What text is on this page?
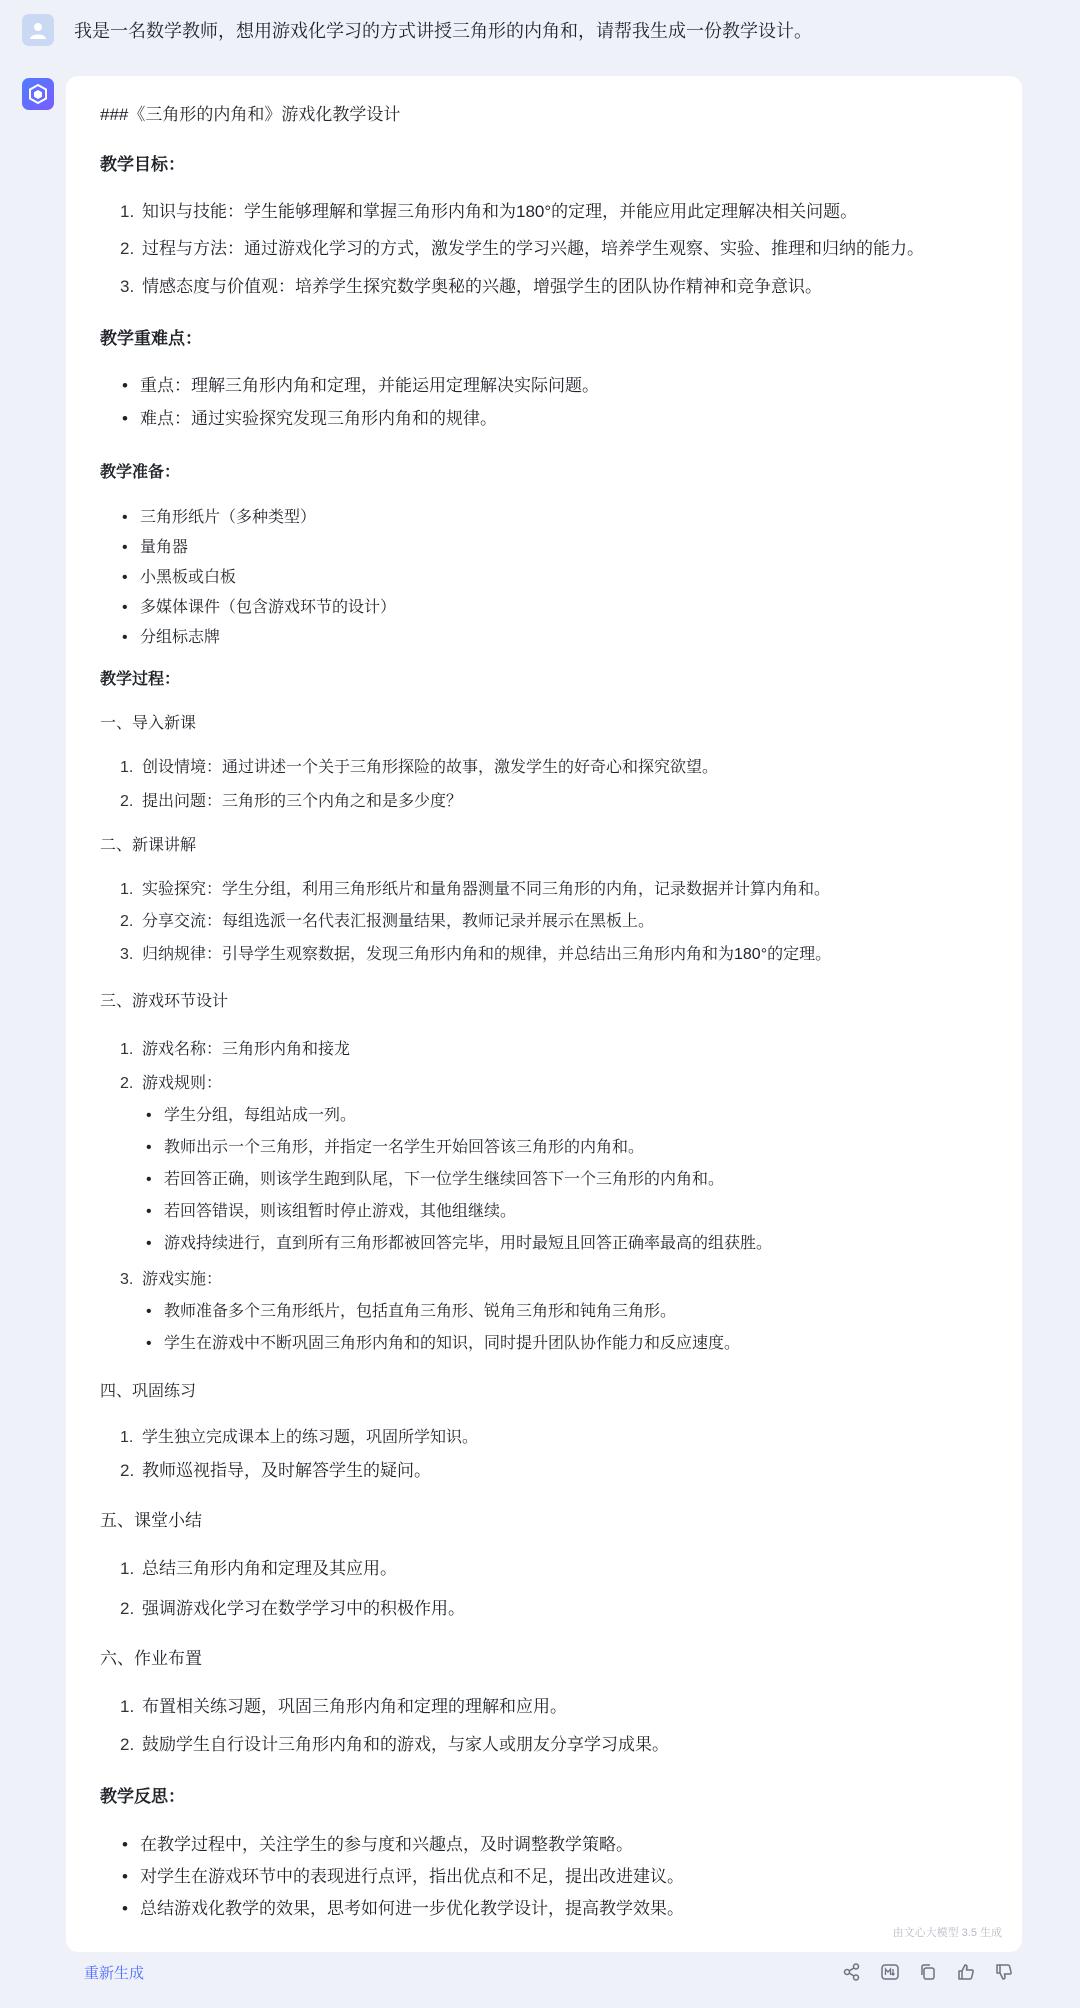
我是一名数学教师，想用游戏化学习的方式讲授三角形的内角和，请帮我生成一份教学设计。
###《三角形的内角和》游戏化教学设计
教学目标：
1. 知识与技能：学生能够理解和掌握三角形内角和为180°的定理，并能应用此定理解决相关问题。
2. 过程与方法：通过游戏化学习的方式，激发学生的学习兴趣，培养学生观察、实验、推理和归纳的能力。
3. 情感态度与价值观：培养学生探究数学奥秘的兴趣，增强学生的团队协作精神和竞争意识。
教学重难点：
• 重点：理解三角形内角和定理，并能运用定理解决实际问题。
• 难点：通过实验探究发现三角形内角和的规律。
教学准备：
• 三角形纸片（多种类型）
• 量角器
• 小黑板或白板
• 多媒体课件（包含游戏环节的设计）
• 分组标志牌
教学过程：
一、导入新课
1. 创设情境：通过讲述一个关于三角形探险的故事，激发学生的好奇心和探究欲望。
2. 提出问题：三角形的三个内角之和是多少度？
二、新课讲解
1. 实验探究：学生分组，利用三角形纸片和量角器测量不同三角形的内角，记录数据并计算内角和。
2. 分享交流：每组选派一名代表汇报测量结果，教师记录并展示在黑板上。
3. 归纳规律：引导学生观察数据，发现三角形内角和的规律，并总结出三角形内角和为180°的定理。
三、游戏环节设计
1. 游戏名称：三角形内角和接龙
2. 游戏规则：
• 学生分组，每组站成一列。
• 教师出示一个三角形，并指定一名学生开始回答该三角形的内角和。
• 若回答正确，则该学生跑到队尾，下一位学生继续回答下一个三角形的内角和。
• 若回答错误，则该组暂时停止游戏，其他组继续。
• 游戏持续进行，直到所有三角形都被回答完毕，用时最短且回答正确率最高的组获胜。
3. 游戏实施：
• 教师准备多个三角形纸片，包括直角三角形、锐角三角形和钝角三角形。
• 学生在游戏中不断巩固三角形内角和的知识，同时提升团队协作能力和反应速度。
四、巩固练习
1. 学生独立完成课本上的练习题，巩固所学知识。
2. 教师巡视指导，及时解答学生的疑问。
五、课堂小结
1. 总结三角形内角和定理及其应用。
2. 强调游戏化学习在数学学习中的积极作用。
六、作业布置
1. 布置相关练习题，巩固三角形内角和定理的理解和应用。
2. 鼓励学生自行设计三角形内角和的游戏，与家人或朋友分享学习成果。
教学反思：
• 在教学过程中，关注学生的参与度和兴趣点，及时调整教学策略。
• 对学生在游戏环节中的表现进行点评，指出优点和不足，提出改进建议。
• 总结游戏化教学的效果，思考如何进一步优化教学设计，提高教学效果。
由文心大模型 3.5 生成
重新生成
